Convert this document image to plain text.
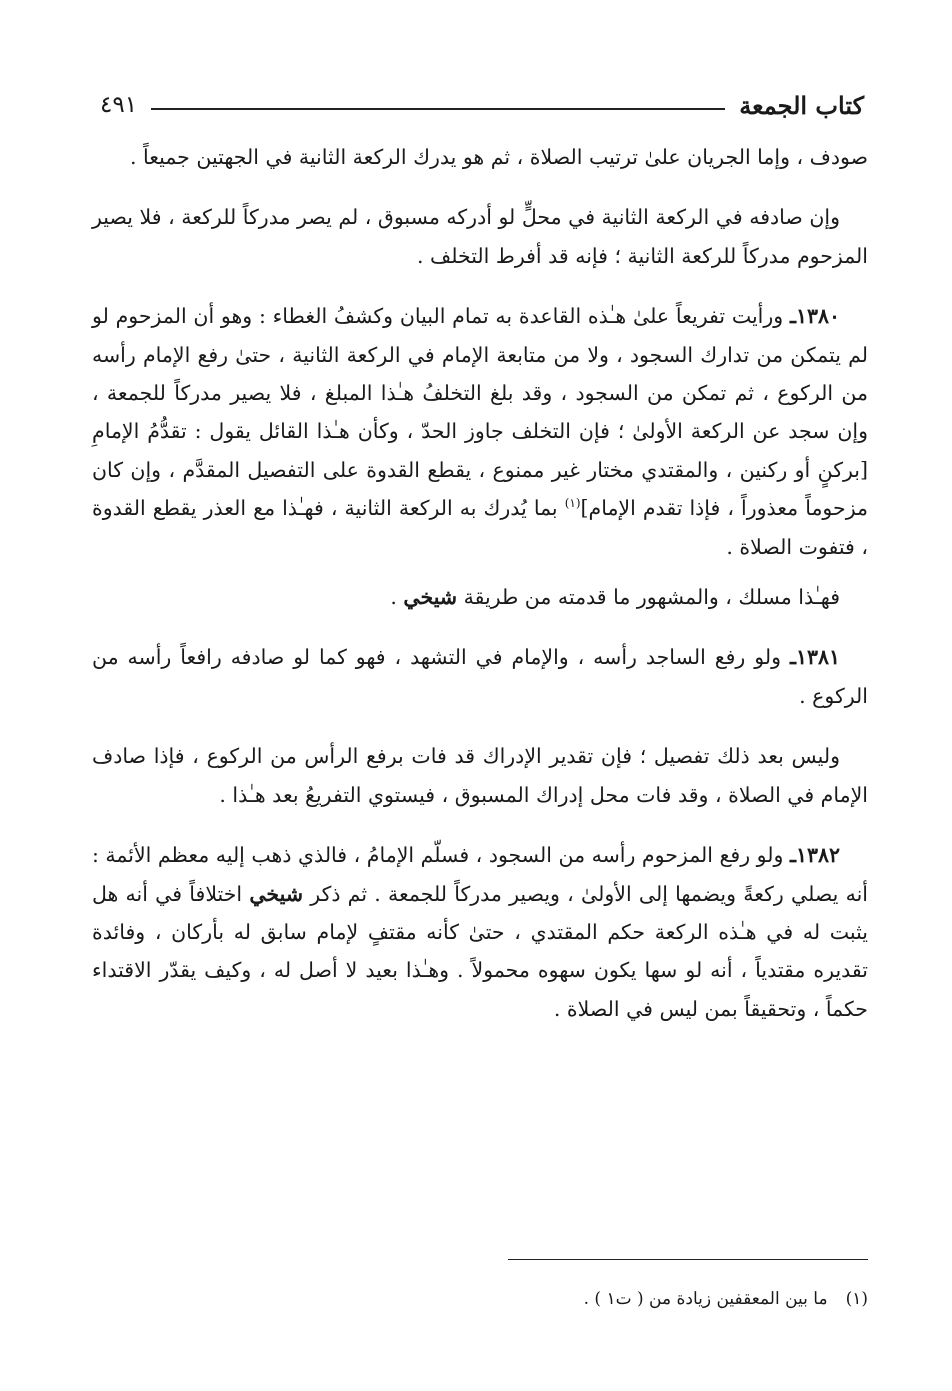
كتاب الجمعة
٤٩١

صودف ، وإما الجريان علىٰ ترتيب الصلاة ، ثم هو يدرك الركعة الثانية في الجهتين جميعاً .

وإن صادفه في الركعة الثانية في محلٍّ لو أدركه مسبوق ، لم يصر مدركاً للركعة ، فلا يصير المزحوم مدركاً للركعة الثانية ؛ فإنه قد أفرط التخلف .

١٣٨٠ـ ورأيت تفريعاً علىٰ هـٰذه القاعدة به تمام البيان وكشفُ الغطاء : وهو أن المزحوم لو لم يتمكن من تدارك السجود ، ولا من متابعة الإمام في الركعة الثانية ، حتىٰ رفع الإمام رأسه من الركوع ، ثم تمكن من السجود ، وقد بلغ التخلفُ هـٰذا المبلغ ، فلا يصير مدركاً للجمعة ، وإن سجد عن الركعة الأولىٰ ؛ فإن التخلف جاوز الحدّ ، وكأن هـٰذا القائل يقول : تقدُّمُ الإمامِ [بركنٍ أو ركنين ، والمقتدي مختار غير ممنوع ، يقطع القدوة على التفصيل المقدَّم ، وإن كان مزحوماً معذوراً ، فإذا تقدم الإمام]$^{(١)}$ بما يُدرك به الركعة الثانية ، فهـٰذا مع العذر يقطع القدوة ، فتفوت الصلاة .

فهـٰذا مسلك ، والمشهور ما قدمته من طريقة شيخي .

١٣٨١ـ ولو رفع الساجد رأسه ، والإمام في التشهد ، فهو كما لو صادفه رافعاً رأسه من الركوع .

وليس بعد ذلك تفصيل ؛ فإن تقدير الإدراك قد فات برفع الرأس من الركوع ، فإذا صادف الإمام في الصلاة ، وقد فات محل إدراك المسبوق ، فيستوي التفريعُ بعد هـٰذا .

١٣٨٢ـ ولو رفع المزحوم رأسه من السجود ، فسلّم الإمامُ ، فالذي ذهب إليه معظم الأئمة : أنه يصلي ركعةً ويضمها إلى الأولىٰ ، ويصير مدركاً للجمعة . ثم ذكر شيخي اختلافاً في أنه هل يثبت له في هـٰذه الركعة حكم المقتدي ، حتىٰ كأنه مقتفٍ لإمام سابق له بأركان ، وفائدة تقديره مقتدياً ، أنه لو سها يكون سهوه محمولاً . وهـٰذا بعيد لا أصل له ، وكيف يقدّر الاقتداء حكماً ، وتحقيقاً بمن ليس في الصلاة .

(١)ما بين المعقفين زيادة من ( ت١ ) .
